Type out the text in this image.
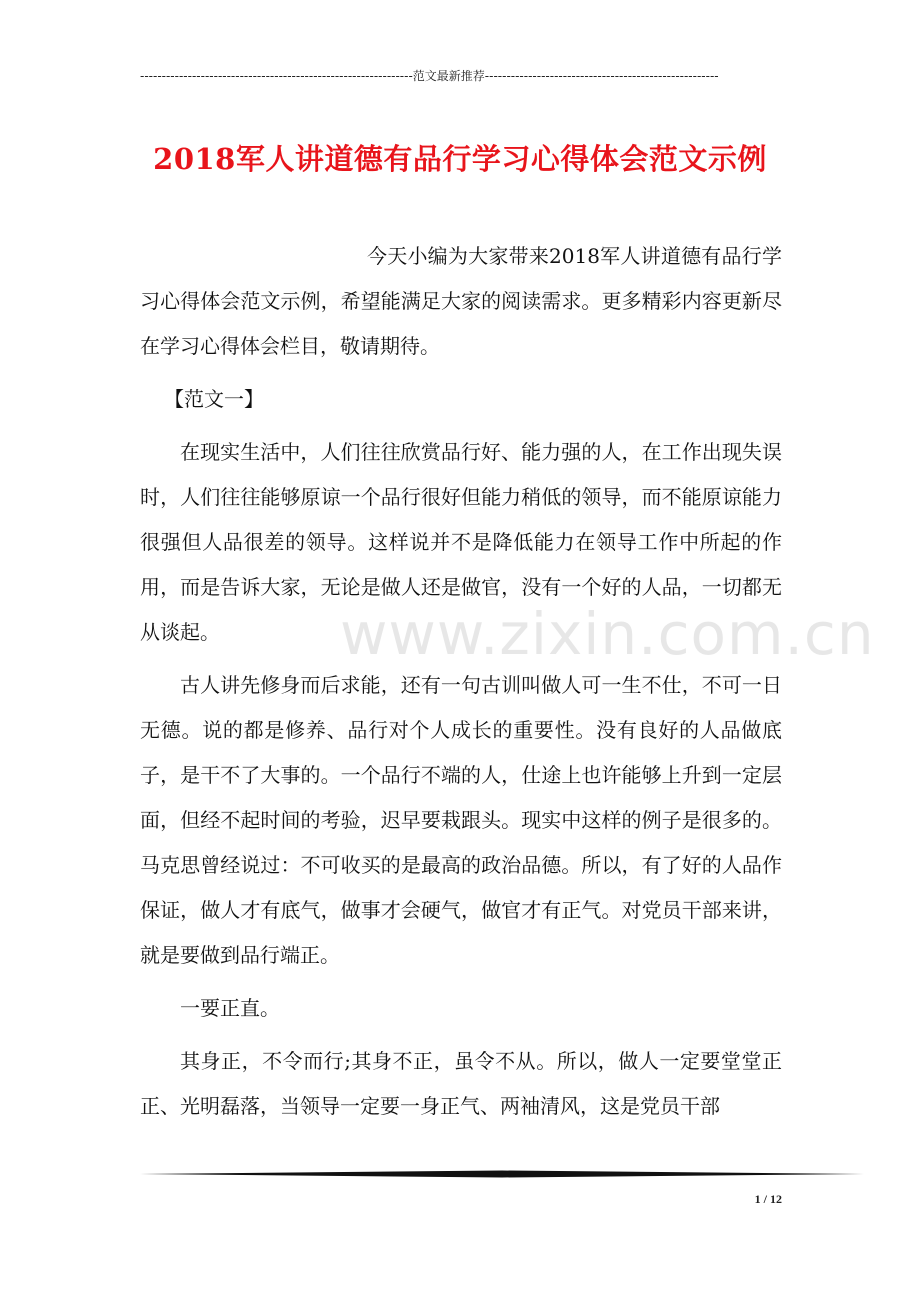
---------------------------------------------------------------范文最新推荐------------------------------------------------------
2018军人讲道德有品行学习心得体会范文示例

今天小编为大家带来2018军人讲道德有品行学习心得体会范文示例，希望能满足大家的阅读需求。更多精彩内容更新尽在学习心得体会栏目，敬请期待。

【范文一】

在现实生活中，人们往往欣赏品行好、能力强的人，在工作出现失误时，人们往往能够原谅一个品行很好但能力稍低的领导，而不能原谅能力很强但人品很差的领导。这样说并不是降低能力在领导工作中所起的作用，而是告诉大家，无论是做人还是做官，没有一个好的人品，一切都无从谈起。

古人讲先修身而后求能，还有一句古训叫做人可一生不仕，不可一日无德。说的都是修养、品行对个人成长的重要性。没有良好的人品做底子，是干不了大事的。一个品行不端的人，仕途上也许能够上升到一定层面，但经不起时间的考验，迟早要栽跟头。现实中这样的例子是很多的。马克思曾经说过：不可收买的是最高的政治品德。所以，有了好的人品作保证，做人才有底气，做事才会硬气，做官才有正气。对党员干部来讲，就是要做到品行端正。

一要正直。

其身正，不令而行;其身不正，虽令不从。所以，做人一定要堂堂正正、光明磊落，当领导一定要一身正气、两袖清风，这是党员干部

www.zixin.com.cn
1 / 12
